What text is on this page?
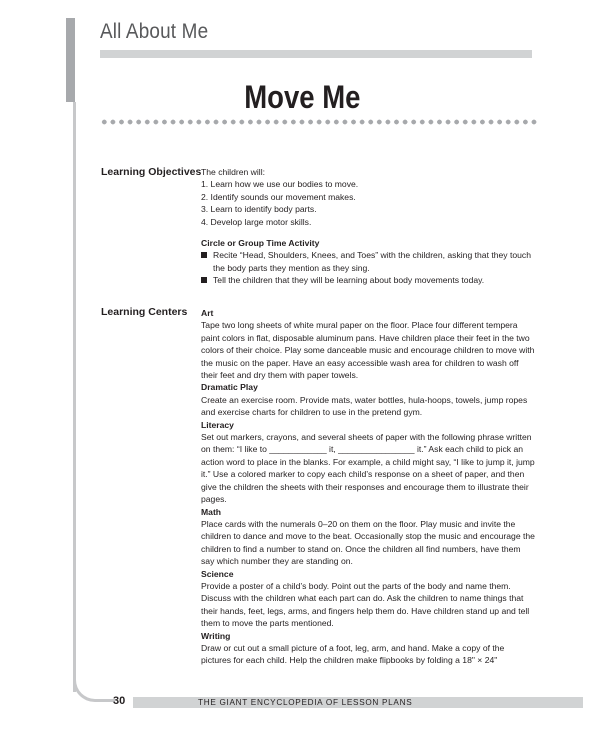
All About Me
Move Me
Learning Objectives The children will:

1. Learn how we use our bodies to move.
2. Identify sounds our movement makes.
3. Learn to identify body parts.
4. Develop large motor skills.

Circle or Group Time Activity

Recite “Head, Shoulders, Knees, and Toes” with the children, asking that they touch the body parts they mention as they sing.
Tell the children that they will be learning about body movements today.
Learning Centers Art

Tape two long sheets of white mural paper on the floor. Place four different tempera paint colors in flat, disposable aluminum pans. Have children place their feet in the two colors of their choice. Play some danceable music and encourage children to move with the music on the paper. Have an easy accessible wash area for children to wash off their feet and dry them with paper towels.

Dramatic Play

Create an exercise room. Provide mats, water bottles, hula-hoops, towels, jump ropes and exercise charts for children to use in the pretend gym.

Literacy

Set out markers, crayons, and several sheets of paper with the following phrase written on them: “I like to ____________ it, ________________ it.” Ask each child to pick an action word to place in the blanks. For example, a child might say, “I like to jump it, jump it.” Use a colored marker to copy each child’s response on a sheet of paper, and then give the children the sheets with their responses and encourage them to illustrate their pages.

Math

Place cards with the numerals 0–20 on them on the floor. Play music and invite the children to dance and move to the beat. Occasionally stop the music and encourage the children to find a number to stand on. Once the children all find numbers, have them say which number they are standing on.

Science

Provide a poster of a child’s body. Point out the parts of the body and name them. Discuss with the children what each part can do. Ask the children to name things that their hands, feet, legs, arms, and fingers help them do. Have children stand up and tell them to move the parts mentioned.

Writing

Draw or cut out a small picture of a foot, leg, arm, and hand. Make a copy of the pictures for each child. Help the children make flipbooks by folding a 18" × 24"

30	THE GIANT ENCYCLOPEDIA OF LESSON PLANS
